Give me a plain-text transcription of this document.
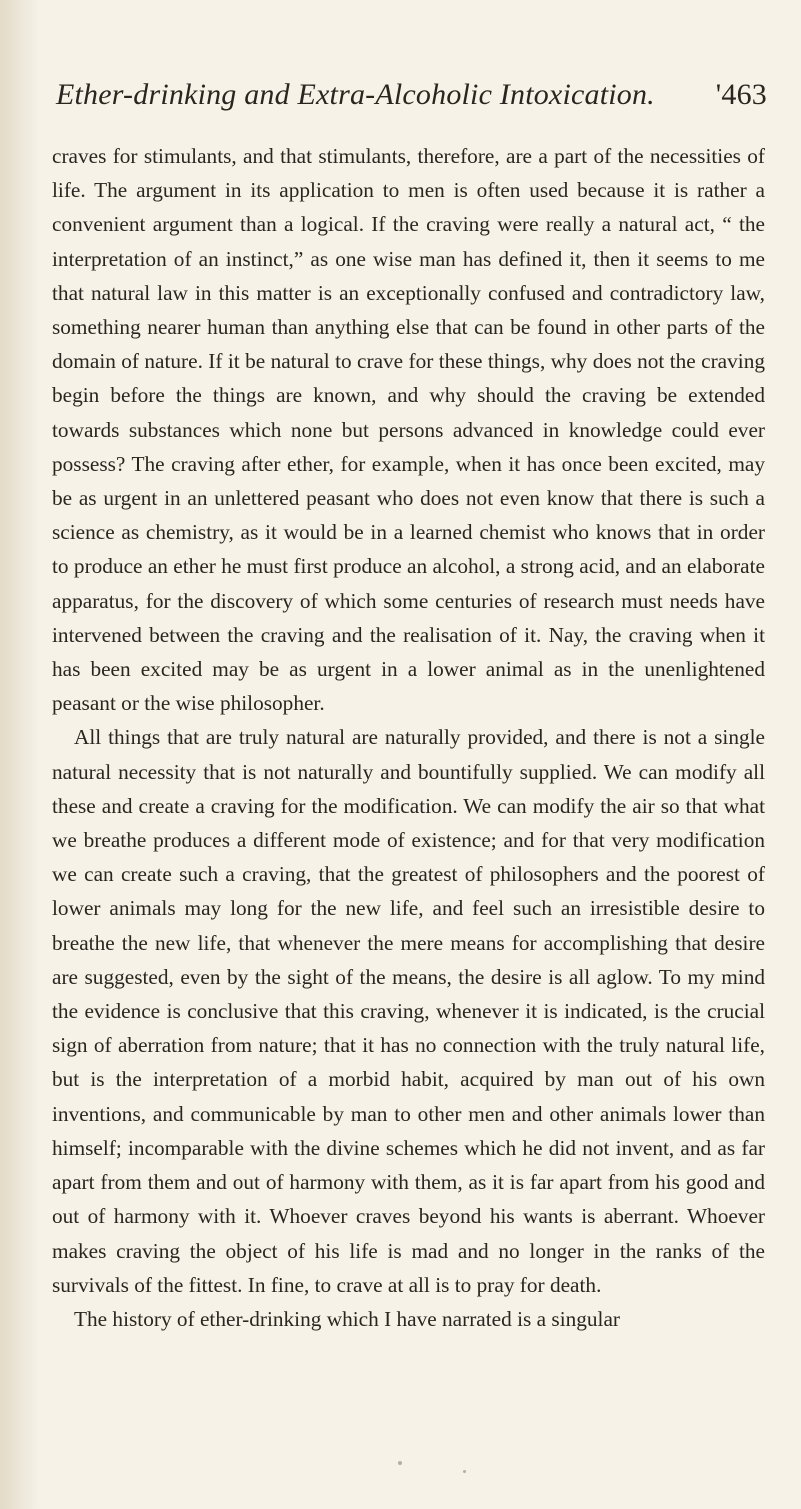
Ether-drinking and Extra-Alcoholic Intoxication. '463

craves for stimulants, and that stimulants, therefore, are a part of the necessities of life. The argument in its application to men is often used because it is rather a convenient argument than a logical. If the craving were really a natural act, “ the interpretation of an instinct,” as one wise man has defined it, then it seems to me that natural law in this matter is an exceptionally confused and contradictory law, something nearer human than anything else that can be found in other parts of the domain of nature. If it be natural to crave for these things, why does not the craving begin before the things are known, and why should the craving be extended towards substances which none but persons advanced in knowledge could ever possess? The craving after ether, for example, when it has once been excited, may be as urgent in an unlettered peasant who does not even know that there is such a science as chemistry, as it would be in a learned chemist who knows that in order to produce an ether he must first produce an alcohol, a strong acid, and an elaborate apparatus, for the discovery of which some centuries of research must needs have intervened between the craving and the realisation of it. Nay, the craving when it has been excited may be as urgent in a lower animal as in the unenlightened peasant or the wise philosopher.

All things that are truly natural are naturally provided, and there is not a single natural necessity that is not naturally and bountifully supplied. We can modify all these and create a craving for the modification. We can modify the air so that what we breathe produces a different mode of existence; and for that very modification we can create such a craving, that the greatest of philosophers and the poorest of lower animals may long for the new life, and feel such an irresistible desire to breathe the new life, that whenever the mere means for accomplishing that desire are suggested, even by the sight of the means, the desire is all aglow. To my mind the evidence is conclusive that this craving, whenever it is indicated, is the crucial sign of aberration from nature; that it has no connection with the truly natural life, but is the interpretation of a morbid habit, acquired by man out of his own inventions, and communicable by man to other men and other animals lower than himself; incomparable with the divine schemes which he did not invent, and as far apart from them and out of harmony with them, as it is far apart from his good and out of harmony with it. Whoever craves beyond his wants is aberrant. Whoever makes craving the object of his life is mad and no longer in the ranks of the survivals of the fittest. In fine, to crave at all is to pray for death.

The history of ether-drinking which I have narrated is a singular
